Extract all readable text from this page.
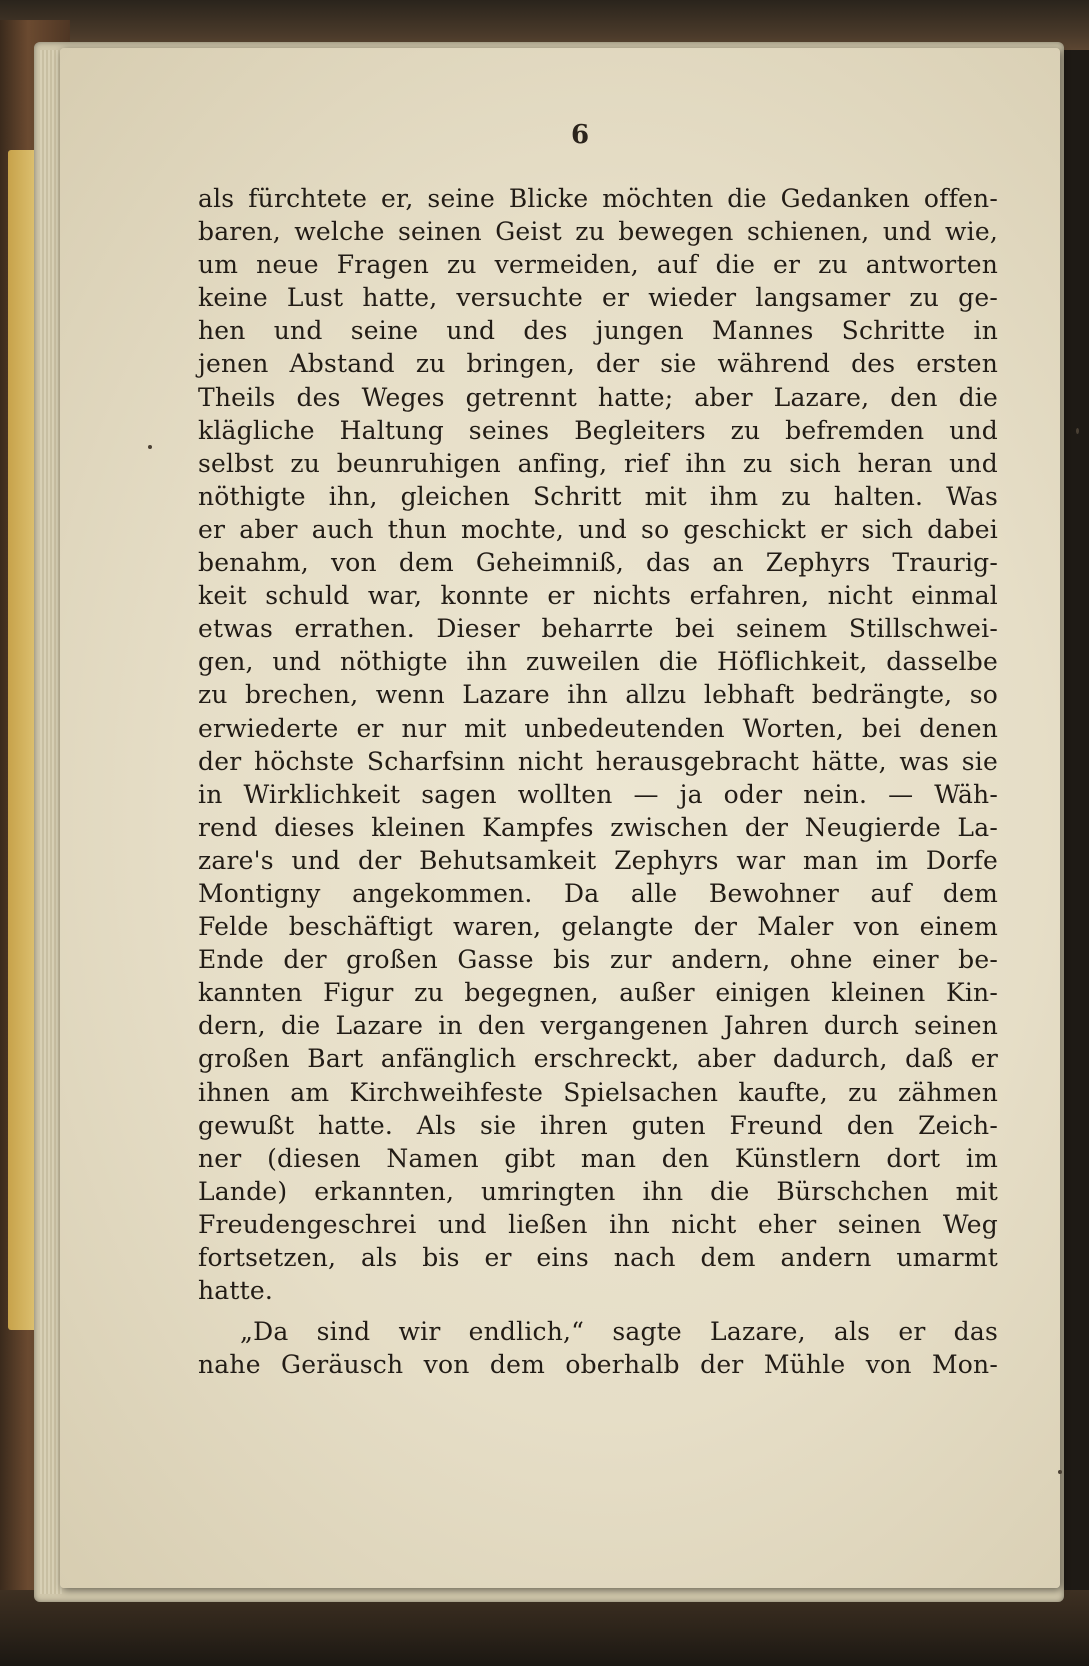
6
als fürchtete er, seine Blicke möchten die Gedanken offen-
baren, welche seinen Geist zu bewegen schienen, und wie,
um neue Fragen zu vermeiden, auf die er zu antworten
keine Lust hatte, versuchte er wieder langsamer zu ge-
hen und seine und des jungen Mannes Schritte in
jenen Abstand zu bringen, der sie während des ersten
Theils des Weges getrennt hatte; aber Lazare, den die
klägliche Haltung seines Begleiters zu befremden und
selbst zu beunruhigen anfing, rief ihn zu sich heran und
nöthigte ihn, gleichen Schritt mit ihm zu halten. Was
er aber auch thun mochte, und so geschickt er sich dabei
benahm, von dem Geheimniß, das an Zephyrs Traurig-
keit schuld war, konnte er nichts erfahren, nicht einmal
etwas errathen. Dieser beharrte bei seinem Stillschwei-
gen, und nöthigte ihn zuweilen die Höflichkeit, dasselbe
zu brechen, wenn Lazare ihn allzu lebhaft bedrängte, so
erwiederte er nur mit unbedeutenden Worten, bei denen
der höchste Scharfsinn nicht herausgebracht hätte, was sie
in Wirklichkeit sagen wollten — ja oder nein. — Wäh-
rend dieses kleinen Kampfes zwischen der Neugierde La-
zare's und der Behutsamkeit Zephyrs war man im Dorfe
Montigny angekommen. Da alle Bewohner auf dem
Felde beschäftigt waren, gelangte der Maler von einem
Ende der großen Gasse bis zur andern, ohne einer be-
kannten Figur zu begegnen, außer einigen kleinen Kin-
dern, die Lazare in den vergangenen Jahren durch seinen
großen Bart anfänglich erschreckt, aber dadurch, daß er
ihnen am Kirchweihfeste Spielsachen kaufte, zu zähmen
gewußt hatte. Als sie ihren guten Freund den Zeich-
ner (diesen Namen gibt man den Künstlern dort im
Lande) erkannten, umringten ihn die Bürschchen mit
Freudengeschrei und ließen ihn nicht eher seinen Weg
fortsetzen, als bis er eins nach dem andern umarmt
hatte.
„Da sind wir endlich,“ sagte Lazare, als er das
nahe Geräusch von dem oberhalb der Mühle von Mon-
